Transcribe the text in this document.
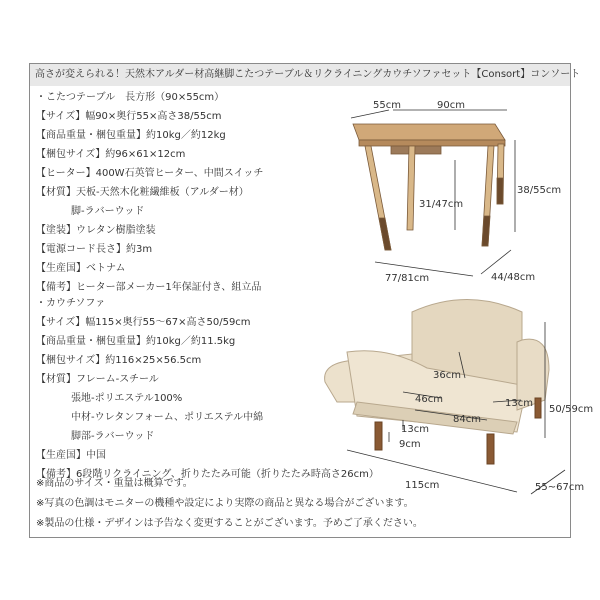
高さが変えられる！天然木アルダー材高継脚こたつテーブル＆リクライニングカウチソファセット【Consort】コンソート
・こたつテーブル　長方形（90×55cm）
【サイズ】幅90×奥行55×高さ38/55cm
【商品重量・梱包重量】約10kg／約12kg
【梱包サイズ】約96×61×12cm
【ヒーター】400W石英管ヒーター、中間スイッチ
【材質】天板-天然木化粧繊維板（アルダー材）
脚-ラバーウッド
【塗装】ウレタン樹脂塗装
【電源コード長さ】約3m
【生産国】ベトナム
【備考】ヒーター部メーカー1年保証付き、組立品
・カウチソファ
【サイズ】幅115×奥行55～67×高さ50/59cm
【商品重量・梱包重量】約10kg／約11.5kg
【梱包サイズ】約116×25×56.5cm
【材質】フレーム-スチール
張地-ポリエステル100%
中材-ウレタンフォーム、ポリエステル中綿
脚部-ラバーウッド
【生産国】中国
【備考】6段階リクライニング、折りたたみ可能（折りたたみ時高さ26cm）
※商品のサイズ・重量は概算です。
※写真の色調はモニターの機種や設定により実際の商品と異なる場合がございます。
※製品の仕様・デザインは予告なく変更することがございます。予めご了承ください。
55cm	90cm
38/55cm
31/47cm
77/81cm	44/48cm
36cm
46cm	13cm
84cm
50/59cm
13cm
9cm
115cm	55~67cm
